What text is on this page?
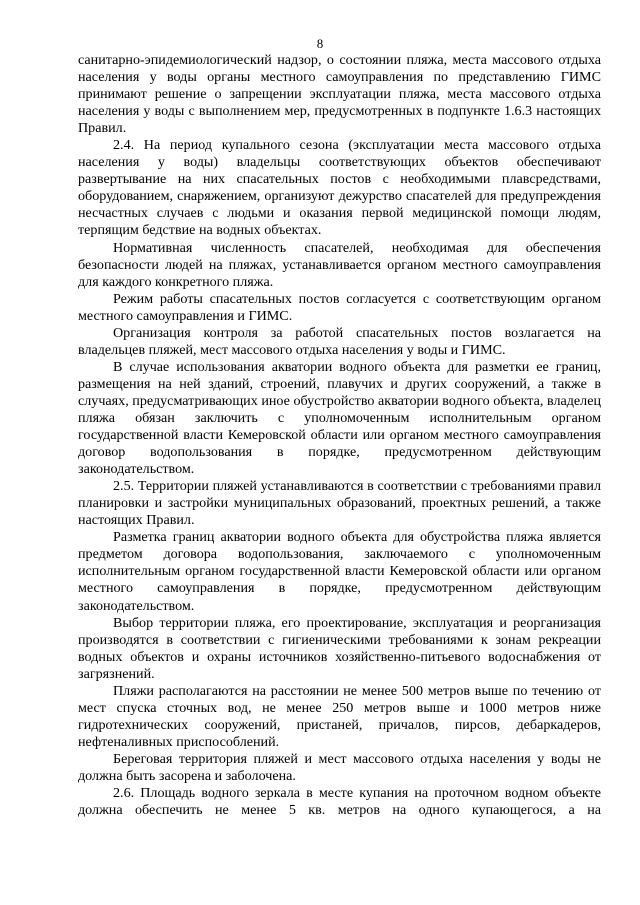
8

санитарно-эпидемиологический надзор, о состоянии пляжа, места массового отдыха населения у воды органы местного самоуправления по представлению ГИМС принимают решение о запрещении эксплуатации пляжа, места массового отдыха населения у воды с выполнением мер, предусмотренных в подпункте 1.6.3 настоящих Правил.

2.4. На период купального сезона (эксплуатации места массового отдыха населения у воды) владельцы соответствующих объектов обеспечивают развертывание на них спасательных постов с необходимыми плавсредствами, оборудованием, снаряжением, организуют дежурство спасателей для предупреждения несчастных случаев с людьми и оказания первой медицинской помощи людям, терпящим бедствие на водных объектах.

Нормативная численность спасателей, необходимая для обеспечения безопасности людей на пляжах, устанавливается органом местного самоуправления для каждого конкретного пляжа.

Режим работы спасательных постов согласуется с соответствующим органом местного самоуправления и ГИМС.

Организация контроля за работой спасательных постов возлагается на владельцев пляжей, мест массового отдыха населения у воды и ГИМС.

В случае использования акватории водного объекта для разметки ее границ, размещения на ней зданий, строений, плавучих и других сооружений, а также в случаях, предусматривающих иное обустройство акватории водного объекта, владелец пляжа обязан заключить с уполномоченным исполнительным органом государственной власти Кемеровской области или органом местного самоуправления договор водопользования в порядке, предусмотренном действующим законодательством.

2.5. Территории пляжей устанавливаются в соответствии с требованиями правил планировки и застройки муниципальных образований, проектных решений, а также настоящих Правил.

Разметка границ акватории водного объекта для обустройства пляжа является предметом договора водопользования, заключаемого с уполномоченным исполнительным органом государственной власти Кемеровской области или органом местного самоуправления в порядке, предусмотренном действующим законодательством.

Выбор территории пляжа, его проектирование, эксплуатация и реорганизация производятся в соответствии с гигиеническими требованиями к зонам рекреации водных объектов и охраны источников хозяйственно-питьевого водоснабжения от загрязнений.

Пляжи располагаются на расстоянии не менее 500 метров выше по течению от мест спуска сточных вод, не менее 250 метров выше и 1000 метров ниже гидротехнических сооружений, пристаней, причалов, пирсов, дебаркадеров, нефтеналивных приспособлений.

Береговая территория пляжей и мест массового отдыха населения у воды не должна быть засорена и заболочена.

2.6. Площадь водного зеркала в месте купания на проточном водном объекте должна обеспечить не менее 5 кв. метров на одного купающегося, а на
